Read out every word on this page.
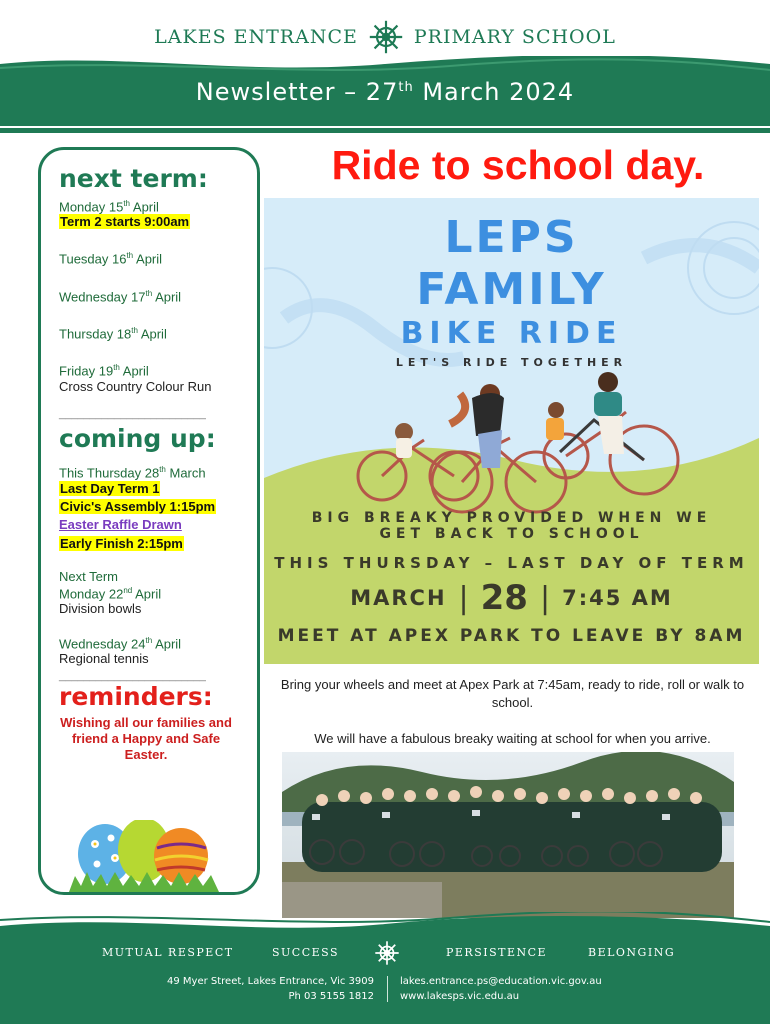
LAKES ENTRANCE	PRIMARY SCHOOL
Newsletter – 27th March 2024
next term:
Monday 15th April
Term 2 starts 9:00am
Tuesday 16th April
Wednesday 17th April
Thursday 18th April
Friday 19th April
Cross Country Colour Run
________________________
coming up:
This Thursday 28th March
Last Day Term 1
Civic's Assembly 1:15pm
Easter Raffle Drawn
Early Finish 2:15pm
Next Term
Monday 22nd April
Division bowls
Wednesday 24th April
Regional tennis
________________________
reminders:
Wishing all our families and friend a Happy and Safe Easter.
Ride to school day.
LEPS
FAMILY
BIKE RIDE
LET'S RIDE TOGETHER
BIG BREAKY PROVIDED WHEN WE GET BACK TO SCHOOL
THIS THURSDAY – LAST DAY OF TERM
MARCH | 28 | 7:45 AM
MEET AT APEX PARK TO LEAVE BY 8AM
Bring your wheels and meet at Apex Park at 7:45am, ready to ride, roll or walk to school.
We will have a fabulous breaky waiting at school for when you arrive.
MUTUAL RESPECT	SUCCESS	PERSISTENCE	BELONGING
49 Myer Street, Lakes Entrance, Vic 3909
Ph 03 5155 1812
lakes.entrance.ps@education.vic.gov.au
www.lakesps.vic.edu.au
